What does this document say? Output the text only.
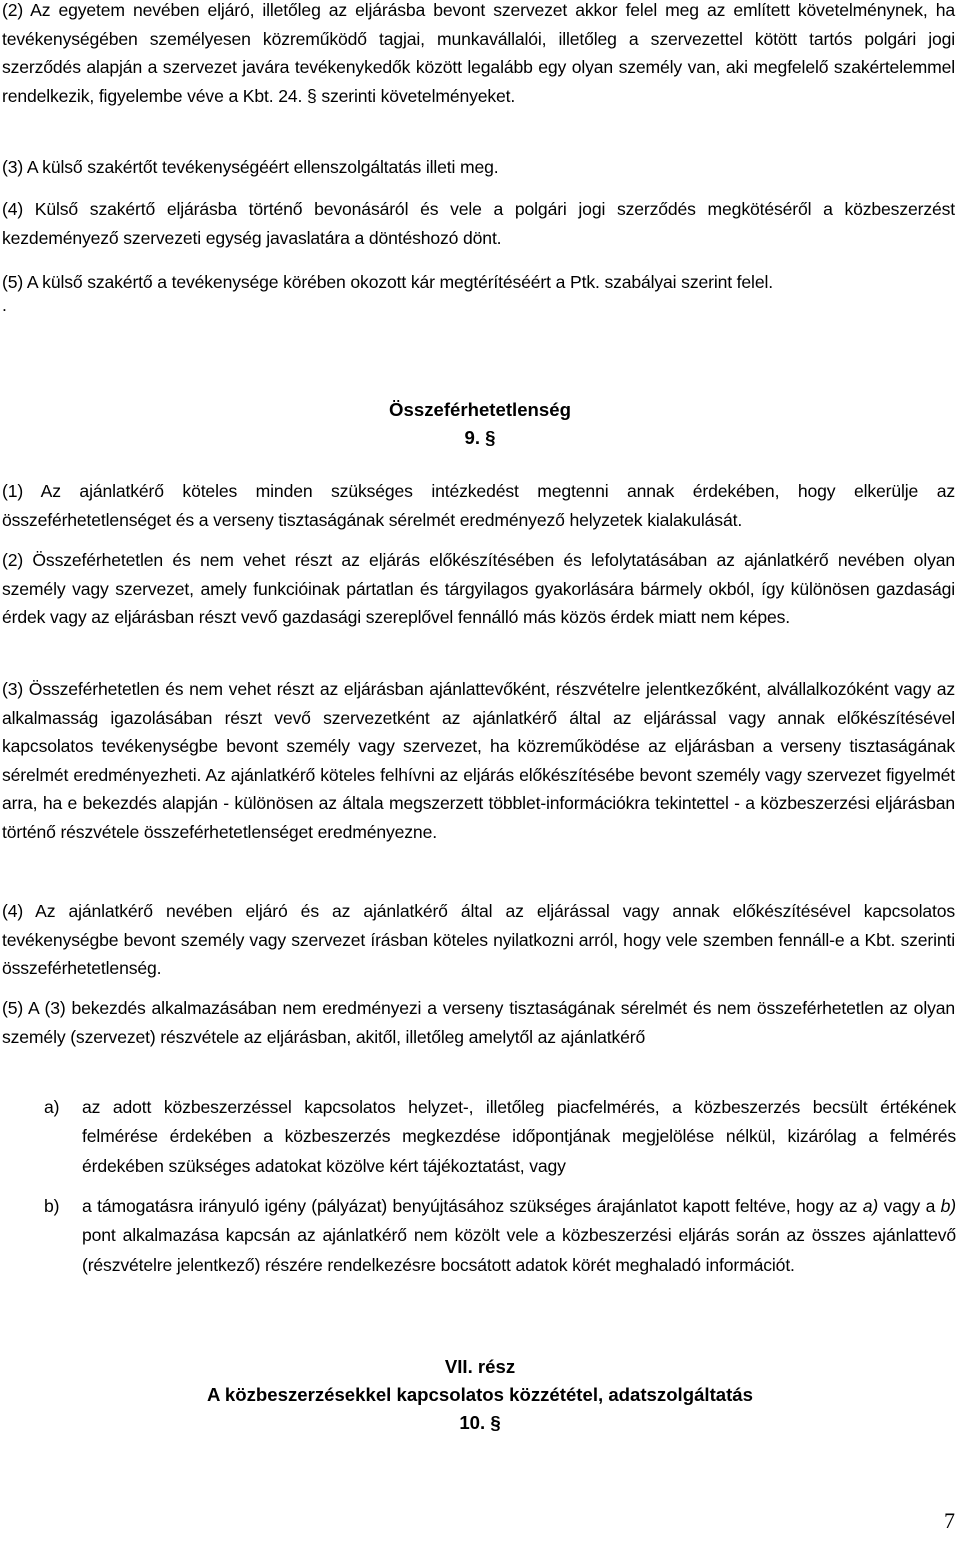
(2) Az egyetem nevében eljáró, illetőleg az eljárásba bevont szervezet akkor felel meg az említett követelménynek, ha tevékenységében személyesen közreműködő tagjai, munkavállalói, illetőleg a szervezettel kötött tartós polgári jogi szerződés alapján a szervezet javára tevékenykedők között legalább egy olyan személy van, aki megfelelő szakértelemmel rendelkezik, figyelembe véve a Kbt. 24. § szerinti követelményeket.
(3) A külső szakértőt tevékenységéért ellenszolgáltatás illeti meg.
(4) Külső szakértő eljárásba történő bevonásáról és vele a polgári jogi szerződés megkötéséről a közbeszerzést kezdeményező szervezeti egység javaslatára a döntéshozó dönt.
(5) A külső szakértő a tevékenysége körében okozott kár megtérítéséért a Ptk. szabályai szerint felel.
.
Összeférhetetlenség
9. §
(1) Az ajánlatkérő köteles minden szükséges intézkedést megtenni annak érdekében, hogy elkerülje az összeférhetetlenséget és a verseny tisztaságának sérelmét eredményező helyzetek kialakulását.
(2) Összeférhetetlen és nem vehet részt az eljárás előkészítésében és lefolytatásában az ajánlatkérő nevében olyan személy vagy szervezet, amely funkcióinak pártatlan és tárgyilagos gyakorlására bármely okból, így különösen gazdasági érdek vagy az eljárásban részt vevő gazdasági szereplővel fennálló más közös érdek miatt nem képes.
(3) Összeférhetetlen és nem vehet részt az eljárásban ajánlattevőként, részvételre jelentkezőként, alvállalkozóként vagy az alkalmasság igazolásában részt vevő szervezetként az ajánlatkérő által az eljárással vagy annak előkészítésével kapcsolatos tevékenységbe bevont személy vagy szervezet, ha közreműködése az eljárásban a verseny tisztaságának sérelmét eredményezheti. Az ajánlatkérő köteles felhívni az eljárás előkészítésébe bevont személy vagy szervezet figyelmét arra, ha e bekezdés alapján - különösen az általa megszerzett többlet-információkra tekintettel - a közbeszerzési eljárásban történő részvétele összeférhetetlenséget eredményezne.
(4) Az ajánlatkérő nevében eljáró és az ajánlatkérő által az eljárással vagy annak előkészítésével kapcsolatos tevékenységbe bevont személy vagy szervezet írásban köteles nyilatkozni arról, hogy vele szemben fennáll-e a Kbt. szerinti összeférhetetlenség.
(5) A (3) bekezdés alkalmazásában nem eredményezi a verseny tisztaságának sérelmét és nem összeférhetetlen az olyan személy (szervezet) részvétele az eljárásban, akitől, illetőleg amelytől az ajánlatkérő
a) az adott közbeszerzéssel kapcsolatos helyzet-, illetőleg piacfelmérés, a közbeszerzés becsült értékének felmérése érdekében a közbeszerzés megkezdése időpontjának megjelölése nélkül, kizárólag a felmérés érdekében szükséges adatokat közölve kért tájékoztatást, vagy
b) a támogatásra irányuló igény (pályázat) benyújtásához szükséges árajánlatot kapott feltéve, hogy az a) vagy a b) pont alkalmazása kapcsán az ajánlatkérő nem közölt vele a közbeszerzési eljárás során az összes ajánlattevő (részvételre jelentkező) részére rendelkezésre bocsátott adatok körét meghaladó információt.
VII. rész
A közbeszerzésekkel kapcsolatos közzététel, adatszolgáltatás
10. §
7
